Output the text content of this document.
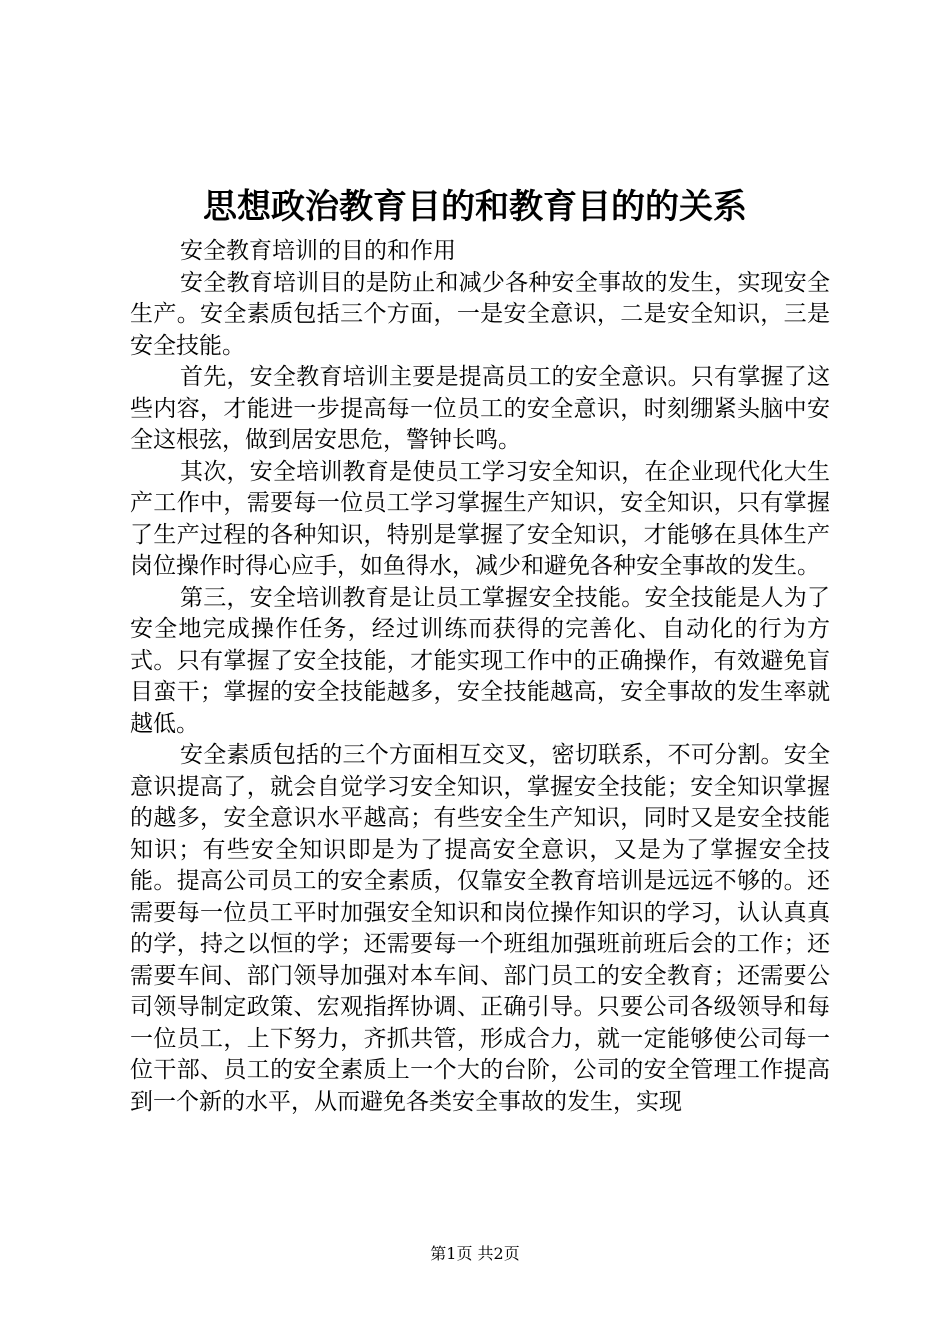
思想政治教育目的和教育目的的关系

安全教育培训的目的和作用

安全教育培训目的是防止和减少各种安全事故的发生，实现安全生产。安全素质包括三个方面，一是安全意识，二是安全知识，三是安全技能。

首先，安全教育培训主要是提高员工的安全意识。只有掌握了这些内容，才能进一步提高每一位员工的安全意识，时刻绷紧头脑中安全这根弦，做到居安思危，警钟长鸣。

其次，安全培训教育是使员工学习安全知识，在企业现代化大生产工作中，需要每一位员工学习掌握生产知识，安全知识，只有掌握了生产过程的各种知识，特别是掌握了安全知识，才能够在具体生产岗位操作时得心应手，如鱼得水，减少和避免各种安全事故的发生。

第三，安全培训教育是让员工掌握安全技能。安全技能是人为了安全地完成操作任务，经过训练而获得的完善化、自动化的行为方式。只有掌握了安全技能，才能实现工作中的正确操作，有效避免盲目蛮干；掌握的安全技能越多，安全技能越高，安全事故的发生率就越低。

安全素质包括的三个方面相互交叉，密切联系，不可分割。安全意识提高了，就会自觉学习安全知识，掌握安全技能；安全知识掌握的越多，安全意识水平越高；有些安全生产知识，同时又是安全技能知识；有些安全知识即是为了提高安全意识，又是为了掌握安全技能。提高公司员工的安全素质，仅靠安全教育培训是远远不够的。还需要每一位员工平时加强安全知识和岗位操作知识的学习，认认真真的学，持之以恒的学；还需要每一个班组加强班前班后会的工作；还需要车间、部门领导加强对本车间、部门员工的安全教育；还需要公司领导制定政策、宏观指挥协调、正确引导。只要公司各级领导和每一位员工，上下努力，齐抓共管，形成合力，就一定能够使公司每一位干部、员工的安全素质上一个大的台阶，公司的安全管理工作提高到一个新的水平，从而避免各类安全事故的发生，实现

第1页 共2页
